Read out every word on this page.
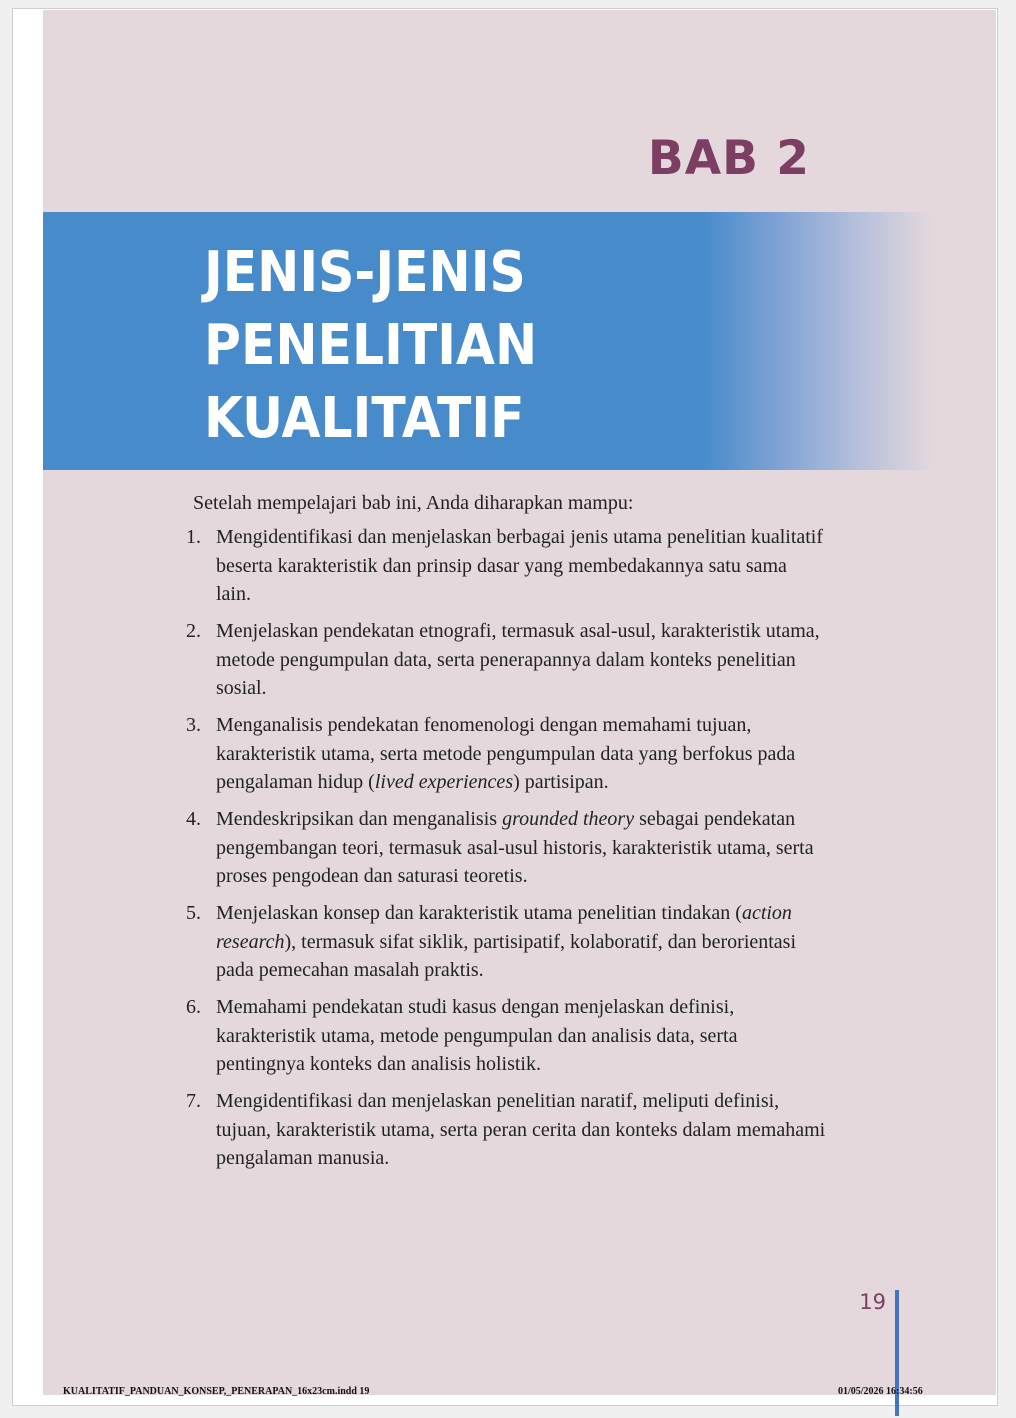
BAB 2
JENIS-JENIS
PENELITIAN
KUALITATIF

Setelah mempelajari bab ini, Anda diharapkan mampu:

1. Mengidentifikasi dan menjelaskan berbagai jenis utama penelitian kualitatif beserta karakteristik dan prinsip dasar yang membedakannya satu sama lain.
2. Menjelaskan pendekatan etnografi, termasuk asal-usul, karakteristik utama, metode pengumpulan data, serta penerapannya dalam konteks penelitian sosial.
3. Menganalisis pendekatan fenomenologi dengan memahami tujuan, karakteristik utama, serta metode pengumpulan data yang berfokus pada pengalaman hidup (lived experiences) partisipan.
4. Mendeskripsikan dan menganalisis grounded theory sebagai pendekatan pengembangan teori, termasuk asal-usul historis, karakteristik utama, serta proses pengodean dan saturasi teoretis.
5. Menjelaskan konsep dan karakteristik utama penelitian tindakan (action research), termasuk sifat siklik, partisipatif, kolaboratif, dan berorientasi pada pemecahan masalah praktis.
6. Memahami pendekatan studi kasus dengan menjelaskan definisi, karakteristik utama, metode pengumpulan dan analisis data, serta pentingnya konteks dan analisis holistik.
7. Mengidentifikasi dan menjelaskan penelitian naratif, meliputi definisi, tujuan, karakteristik utama, serta peran cerita dan konteks dalam memahami pengalaman manusia.
19
KUALITATIF_PANDUAN_KONSEP,_PENERAPAN_16x23cm.indd 19	01/05/2026 16:34:56
